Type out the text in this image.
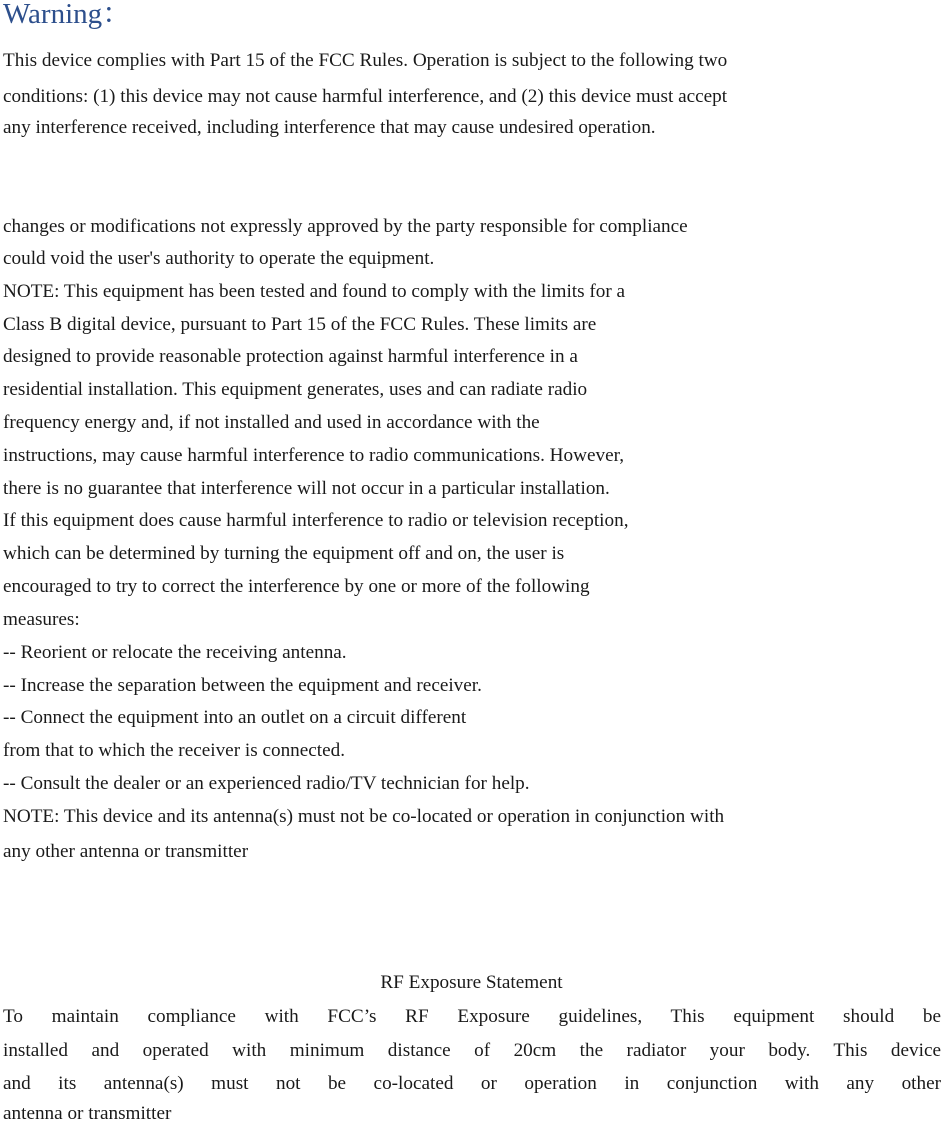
Warning：
This device complies with Part 15 of the FCC Rules. Operation is subject to the following two
conditions: (1) this device may not cause harmful interference, and (2) this device must accept
any interference received, including interference that may cause undesired operation.
changes or modifications not expressly approved by the party responsible for compliance
could void the user's authority to operate the equipment.
NOTE: This equipment has been tested and found to comply with the limits for a
Class B digital device, pursuant to Part 15 of the FCC Rules. These limits are
designed to provide reasonable protection against harmful interference in a
residential installation. This equipment generates, uses and can radiate radio
frequency energy and, if not installed and used in accordance with the
instructions, may cause harmful interference to radio communications. However,
there is no guarantee that interference will not occur in a particular installation.
If this equipment does cause harmful interference to radio or television reception,
which can be determined by turning the equipment off and on, the user is
encouraged to try to correct the interference by one or more of the following
measures:
-- Reorient or relocate the receiving antenna.
-- Increase the separation between the equipment and receiver.
-- Connect the equipment into an outlet on a circuit different
from that to which the receiver is connected.
-- Consult the dealer or an experienced radio/TV technician for help.
NOTE: This device and its antenna(s) must not be co-located or operation in conjunction with
any other antenna or transmitter
RF Exposure Statement
To maintain compliance with FCC’s RF Exposure guidelines, This equipment should be
installed and operated with minimum distance of 20cm the radiator your body. This device
and its antenna(s) must not be co-located or operation in conjunction with any other
antenna or transmitter
